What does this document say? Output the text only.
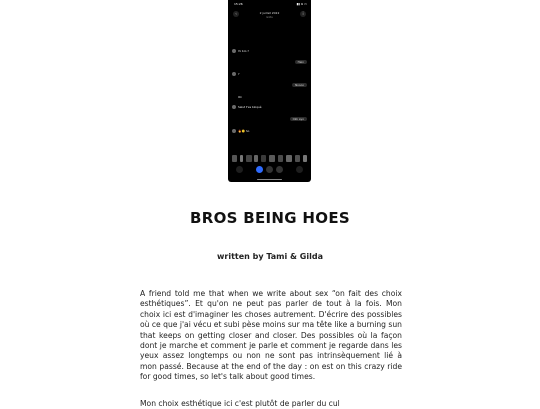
15:26	▮▮ ≋ ▭
‹	i
2 juillet 2022
Gilda
Yo bro ?
Hein
?
Noooo
Ok
Salut t'es bloqué
Okk ayo
🔥🙂 ho
BROS BEING HOES
written by Tami & Gilda

A friend told me that when we write about sex “on fait des choix esthétiques”. Et qu'on ne peut pas parler de tout à la fois. Mon choix ici est d'imaginer les choses autrement. D'écrire des possibles où ce que j'ai vécu et subi pèse moins sur ma tête like a burning sun that keeps on getting closer and closer. Des possibles où la façon dont je marche et comment je parle et comment je regarde dans les yeux assez longtemps ou non ne sont pas intrinsèquement lié à mon passé. Because at the end of the day : on est on this crazy ride for good times, so let's talk about good times.

Mon choix esthétique ici c'est plutôt de parler du cul
